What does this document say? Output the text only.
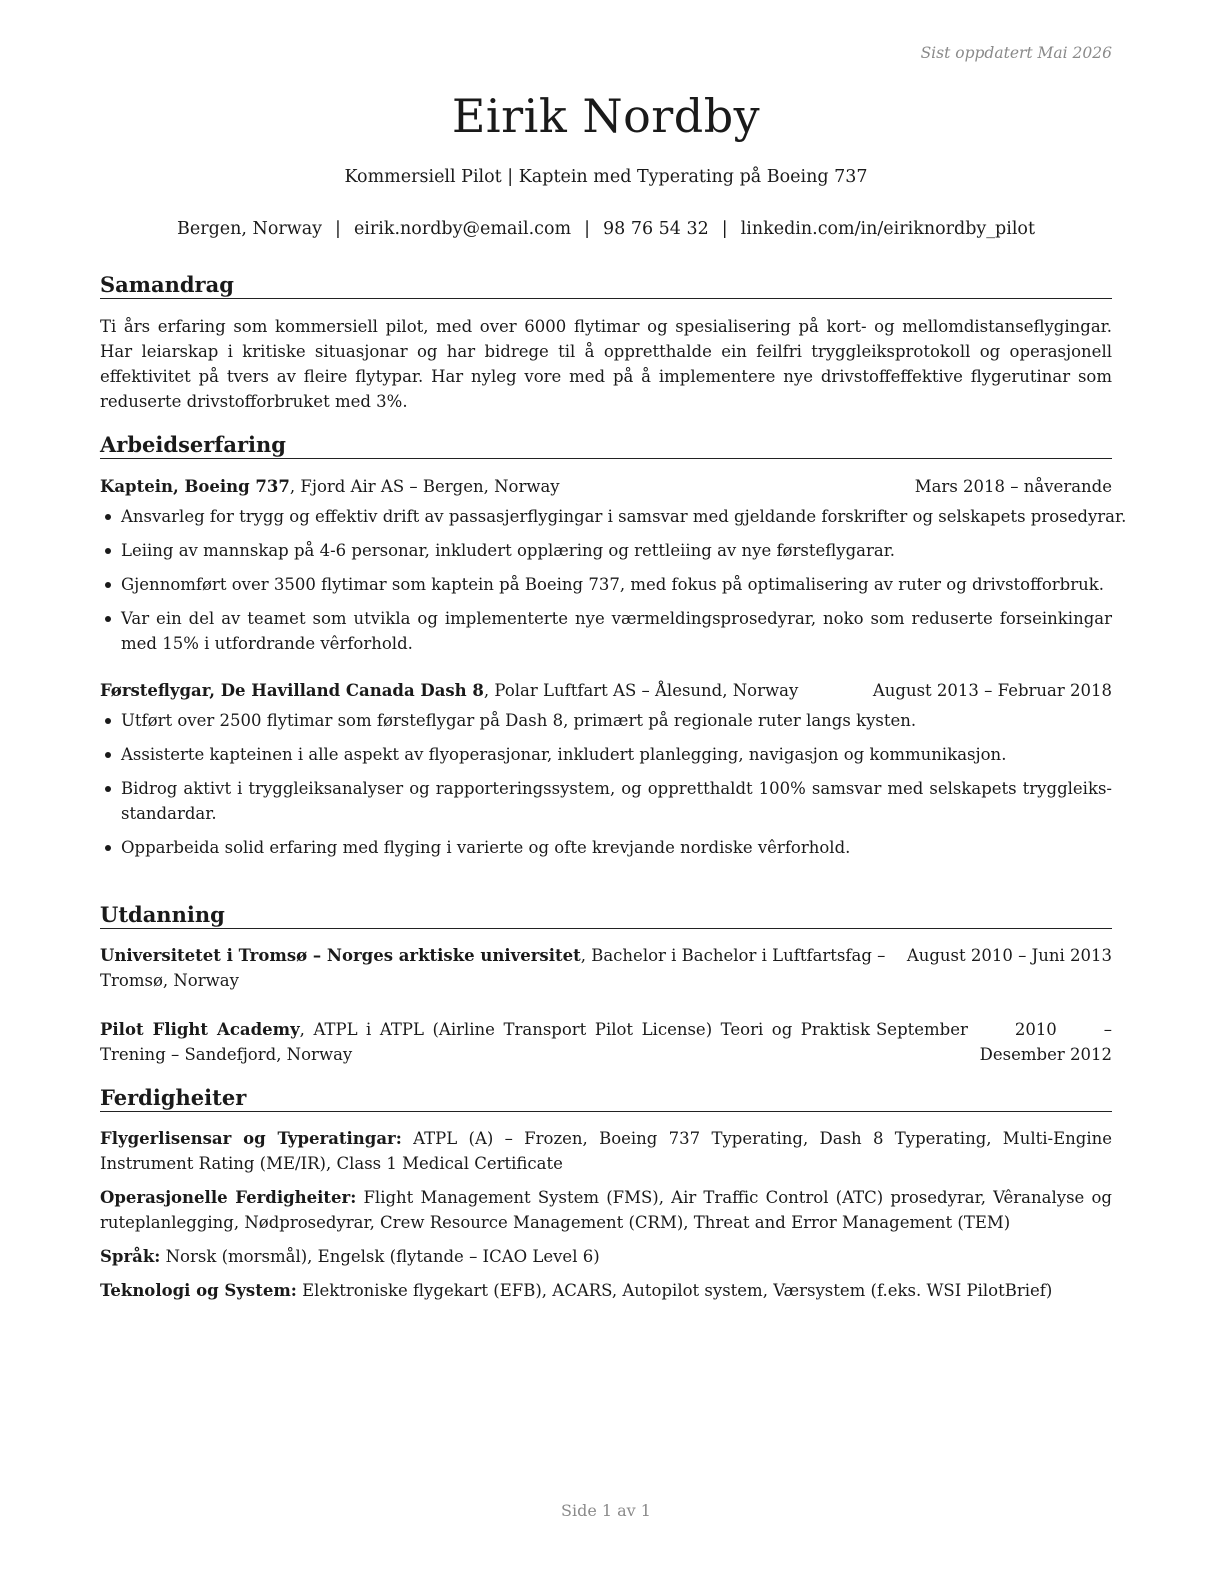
Sist oppdatert Mai 2026
Eirik Nordby
Kommersiell Pilot | Kaptein med Typerating på Boeing 737
Bergen, Norway | eirik.nordby@email.com | 98 76 54 32 | linkedin.com/in/eiriknordby_pilot
Samandrag
Ti års erfaring som kommersiell pilot, med over 6000 flytimar og spesialisering på kort- og mellomdistanseflygingar. Har leiarskap i kritiske situasjonar og har bidrege til å oppretthalde ein feilfri tryggleiksprotokoll og operasjonell effektivitet på tvers av fleire flytypar. Har nyleg vore med på å implementere nye drivstoffeffektive flygerutinar som reduserte drivstofforbruket med 3%.
Arbeidserfaring
Kaptein, Boeing 737, Fjord Air AS – Bergen, Norway	Mars 2018 – nåverande
Ansvarleg for trygg og effektiv drift av passasjerflygingar i samsvar med gjeldande forskrifter og selskapets prosedyrar.
Leiing av mannskap på 4-6 personar, inkludert opplæring og rettleiing av nye førsteflygarar.
Gjennomført over 3500 flytimar som kaptein på Boeing 737, med fokus på optimalisering av ruter og drivstofforbruk.
Var ein del av teamet som utvikla og implementerte nye værmeldingsprosedyrar, noko som reduserte forseinkingar med 15% i utfordrande vêrforhold.
Førsteflygar, De Havilland Canada Dash 8, Polar Luftfart AS – Ålesund, Norway	August 2013 – Februar 2018
Utført over 2500 flytimar som førsteflygar på Dash 8, primært på regionale ruter langs kysten.
Assisterte kapteinen i alle aspekt av flyoperasjonar, inkludert planlegging, navigasjon og kommunikasjon.
Bidrog aktivt i tryggleiksanalyser og rapporteringssystem, og oppretthaldt 100% samsvar med selskapets tryggleiks-standardar.
Opparbeida solid erfaring med flyging i varierte og ofte krevjande nordiske vêrforhold.
Utdanning
Universitetet i Tromsø – Norges arktiske universitet, Bachelor i Bachelor i Luftfartsfag – Tromsø, Norway
August 2010 – Juni 2013
Pilot Flight Academy, ATPL i ATPL (Airline Transport Pilot License) Teori og Praktisk Trening – Sandefjord, Norway
September 2010 – Desember 2012
Ferdigheiter
Flygerlisensar og Typeratingar: ATPL (A) – Frozen, Boeing 737 Typerating, Dash 8 Typerating, Multi-Engine Instrument Rating (ME/IR), Class 1 Medical Certificate
Operasjonelle Ferdigheiter: Flight Management System (FMS), Air Traffic Control (ATC) prosedyrar, Vêranalyse og ruteplanlegging, Nødprosedyrar, Crew Resource Management (CRM), Threat and Error Management (TEM)
Språk: Norsk (morsmål), Engelsk (flytande – ICAO Level 6)
Teknologi og System: Elektroniske flygekart (EFB), ACARS, Autopilot system, Værsystem (f.eks. WSI PilotBrief)
Side 1 av 1
